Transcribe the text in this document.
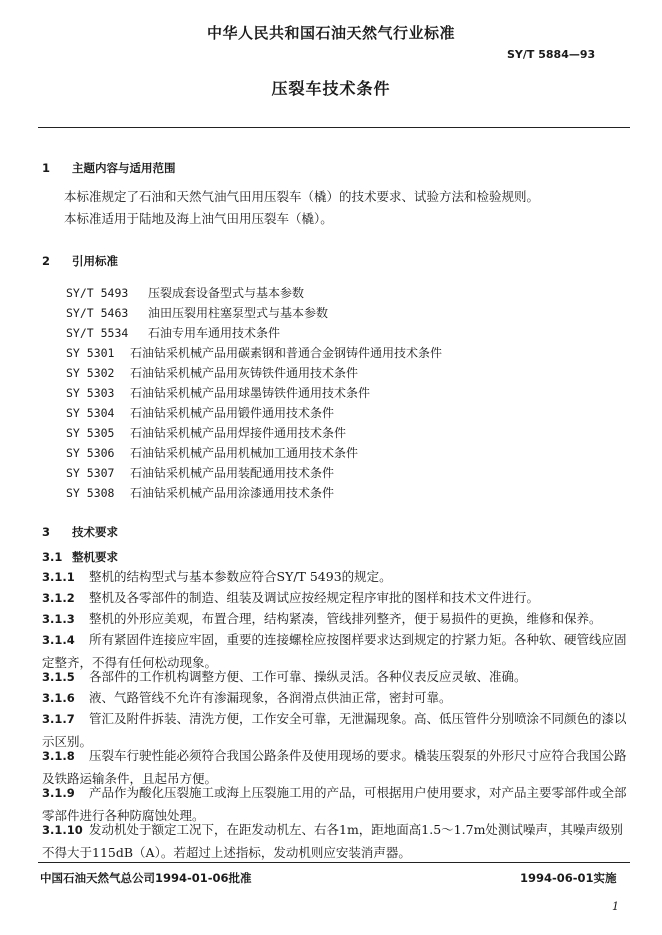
中华人民共和国石油天然气行业标准
SY/T 5884—93
压裂车技术条件
1 主题内容与适用范围
本标准规定了石油和天然气油气田用压裂车（橇）的技术要求、试验方法和检验规则。
本标准适用于陆地及海上油气田用压裂车（橇）。
2 引用标准
SY/T 5493 压裂成套设备型式与基本参数
SY/T 5463 油田压裂用柱塞泵型式与基本参数
SY/T 5534 石油专用车通用技术条件
SY 5301 石油钻采机械产品用碳素钢和普通合金钢铸件通用技术条件
SY 5302 石油钻采机械产品用灰铸铁件通用技术条件
SY 5303 石油钻采机械产品用球墨铸铁件通用技术条件
SY 5304 石油钻采机械产品用锻件通用技术条件
SY 5305 石油钻采机械产品用焊接件通用技术条件
SY 5306 石油钻采机械产品用机械加工通用技术条件
SY 5307 石油钻采机械产品用装配通用技术条件
SY 5308 石油钻采机械产品用涂漆通用技术条件
3 技术要求
3.1 整机要求
3.1.1 整机的结构型式与基本参数应符合SY/T 5493的规定。
3.1.2 整机及各零部件的制造、组装及调试应按经规定程序审批的图样和技术文件进行。
3.1.3 整机的外形应美观，布置合理，结构紧凑，管线排列整齐，便于易损件的更换，维修和保养。
3.1.4 所有紧固件连接应牢固，重要的连接螺栓应按图样要求达到规定的拧紧力矩。各种软、硬管线应固定整齐，不得有任何松动现象。
3.1.5 各部件的工作机构调整方便、工作可靠、操纵灵活。各种仪表反应灵敏、准确。
3.1.6 液、气路管线不允许有渗漏现象，各润滑点供油正常，密封可靠。
3.1.7 管汇及附件拆装、清洗方便，工作安全可靠，无泄漏现象。高、低压管件分别喷涂不同颜色的漆以示区别。
3.1.8 压裂车行驶性能必须符合我国公路条件及使用现场的要求。橇装压裂泵的外形尺寸应符合我国公路及铁路运输条件，且起吊方便。
3.1.9 产品作为酸化压裂施工或海上压裂施工用的产品，可根据用户使用要求，对产品主要零部件或全部零部件进行各种防腐蚀处理。
3.1.10 发动机处于额定工况下，在距发动机左、右各1m，距地面高1.5～1.7m处测试噪声，其噪声级别不得大于115dB（A）。若超过上述指标，发动机则应安装消声器。
中国石油天然气总公司1994-01-06批准	1994-06-01实施
1
